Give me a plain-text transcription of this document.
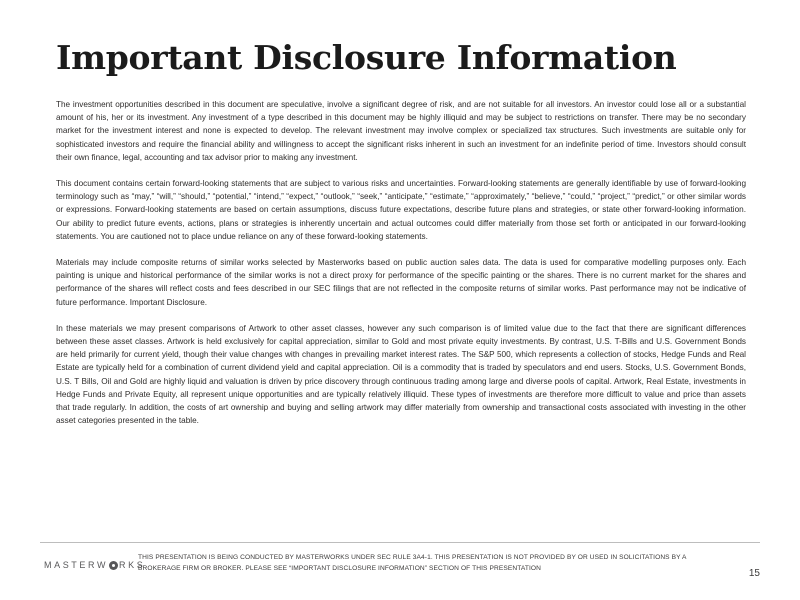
Important Disclosure Information

The investment opportunities described in this document are speculative, involve a significant degree of risk, and are not suitable for all investors. An investor could lose all or a substantial amount of his, her or its investment. Any investment of a type described in this document may be highly illiquid and may be subject to restrictions on transfer. There may be no secondary market for the investment interest and none is expected to develop. The relevant investment may involve complex or specialized tax structures. Such investments are suitable only for sophisticated investors and require the financial ability and willingness to accept the significant risks inherent in such an investment for an indefinite period of time. Investors should consult their own finance, legal, accounting and tax advisor prior to making any investment.

This document contains certain forward-looking statements that are subject to various risks and uncertainties. Forward-looking statements are generally identifiable by use of forward-looking terminology such as “may,” “will,” “should,” “potential,” “intend,” “expect,” “outlook,” “seek,” “anticipate,” “estimate,” “approximately,” “believe,” “could,” “project,” “predict,” or other similar words or expressions. Forward-looking statements are based on certain assumptions, discuss future expectations, describe future plans and strategies, or state other forward-looking information. Our ability to predict future events, actions, plans or strategies is inherently uncertain and actual outcomes could differ materially from those set forth or anticipated in our forward-looking statements. You are cautioned not to place undue reliance on any of these forward-looking statements.

Materials may include composite returns of similar works selected by Masterworks based on public auction sales data. The data is used for comparative modelling purposes only. Each painting is unique and historical performance of the similar works is not a direct proxy for performance of the specific painting or the shares. There is no current market for the shares and performance of the shares will reflect costs and fees described in our SEC filings that are not reflected in the composite returns of similar works. Past performance may not be indicative of future performance. Important Disclosure.

In these materials we may present comparisons of Artwork to other asset classes, however any such comparison is of limited value due to the fact that there are significant differences between these asset classes. Artwork is held exclusively for capital appreciation, similar to Gold and most private equity investments. By contrast, U.S. T-Bills and U.S. Government Bonds are held primarily for current yield, though their value changes with changes in prevailing market interest rates. The S&P 500, which represents a collection of stocks, Hedge Funds and Real Estate are typically held for a combination of current dividend yield and capital appreciation. Oil is a commodity that is traded by speculators and end users. Stocks, U.S. Government Bonds, U.S. T Bills, Oil and Gold are highly liquid and valuation is driven by price discovery through continuous trading among large and diverse pools of capital. Artwork, Real Estate, investments in Hedge Funds and Private Equity, all represent unique opportunities and are typically relatively illiquid. These types of investments are therefore more difficult to value and price than assets that trade regularly. In addition, the costs of art ownership and buying and selling artwork may differ materially from ownership and transactional costs associated with investing in the other asset categories presented in the table.

MASTERW RKS
THIS PRESENTATION IS BEING CONDUCTED BY MASTERWORKS UNDER SEC RULE 3A4-1. THIS PRESENTATION IS NOT PROVIDED BY OR USED IN SOLICITATIONS BY A BROKERAGE FIRM OR BROKER. PLEASE SEE “IMPORTANT DISCLOSURE INFORMATION” SECTION OF THIS PRESENTATION	15
